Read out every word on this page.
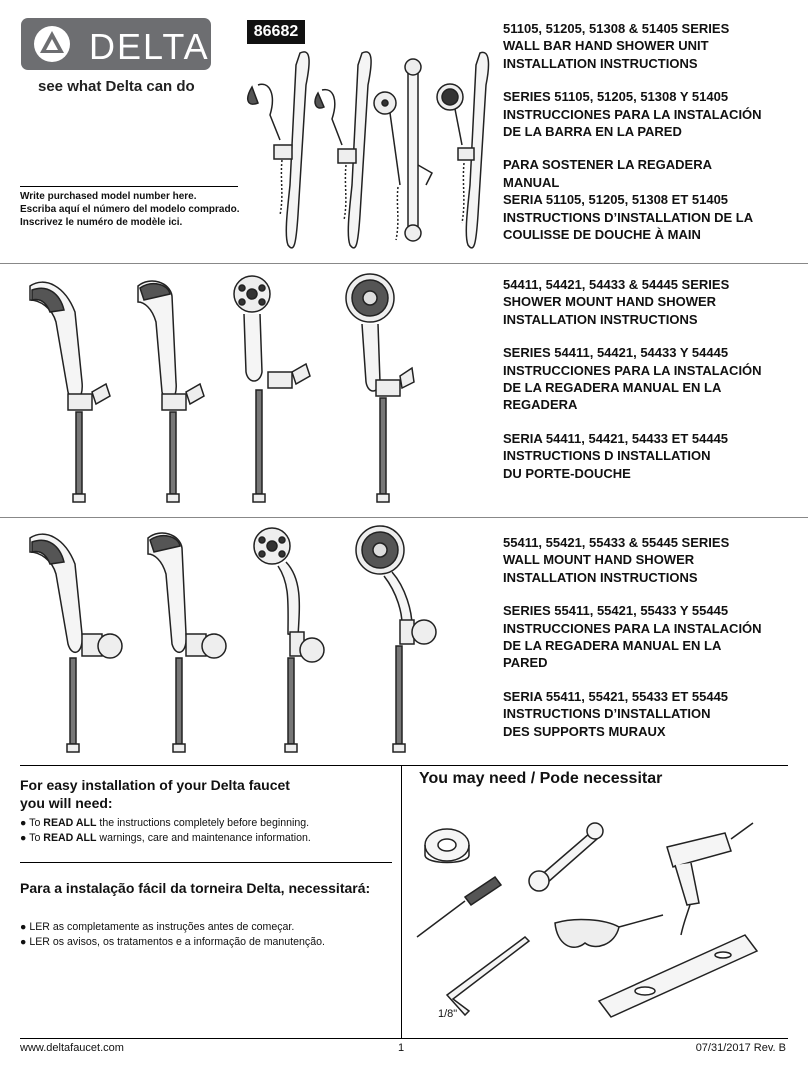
DELTA
see what Delta can do
86682
Write purchased model number here.
Escriba aquí el número del modelo comprado.
Inscrivez le numéro de modèle ici.
51105, 51205, 51308 & 51405 SERIES
WALL BAR HAND SHOWER UNIT
INSTALLATION INSTRUCTIONS
SERIES 51105, 51205, 51308 Y 51405
INSTRUCCIONES PARA LA INSTALACIÓN
DE LA BARRA EN LA PARED
PARA SOSTENER LA REGADERA
MANUAL
SERIA 51105, 51205, 51308 ET 51405
INSTRUCTIONS D’INSTALLATION DE LA
COULISSE DE DOUCHE À MAIN
54411, 54421, 54433 & 54445 SERIES
SHOWER MOUNT HAND SHOWER
INSTALLATION INSTRUCTIONS
SERIES 54411, 54421, 54433 Y 54445
INSTRUCCIONES PARA LA INSTALACIÓN
DE LA REGADERA MANUAL EN LA
REGADERA
SERIA 54411, 54421, 54433 ET 54445
INSTRUCTIONS D INSTALLATION
DU PORTE-DOUCHE
55411, 55421, 55433 & 55445 SERIES
WALL MOUNT HAND SHOWER
INSTALLATION INSTRUCTIONS
SERIES 55411, 55421, 55433 Y 55445
INSTRUCCIONES PARA LA INSTALACIÓN
DE LA REGADERA MANUAL EN LA
PARED
SERIA 55411, 55421, 55433 ET 55445
INSTRUCTIONS D’INSTALLATION
DES SUPPORTS MURAUX
For easy installation of your Delta faucet
you will need:
● To READ ALL the instructions completely before beginning.
● To READ ALL warnings, care and maintenance information.
Para a instalação fácil da torneira Delta, necessitará:
● LER as completamente as instruções antes de começar.
● LER os avisos, os tratamentos e a informação de manutenção.
You may need / Pode necessitar
1/8"
www.deltafaucet.com	1	07/31/2017 Rev. B
